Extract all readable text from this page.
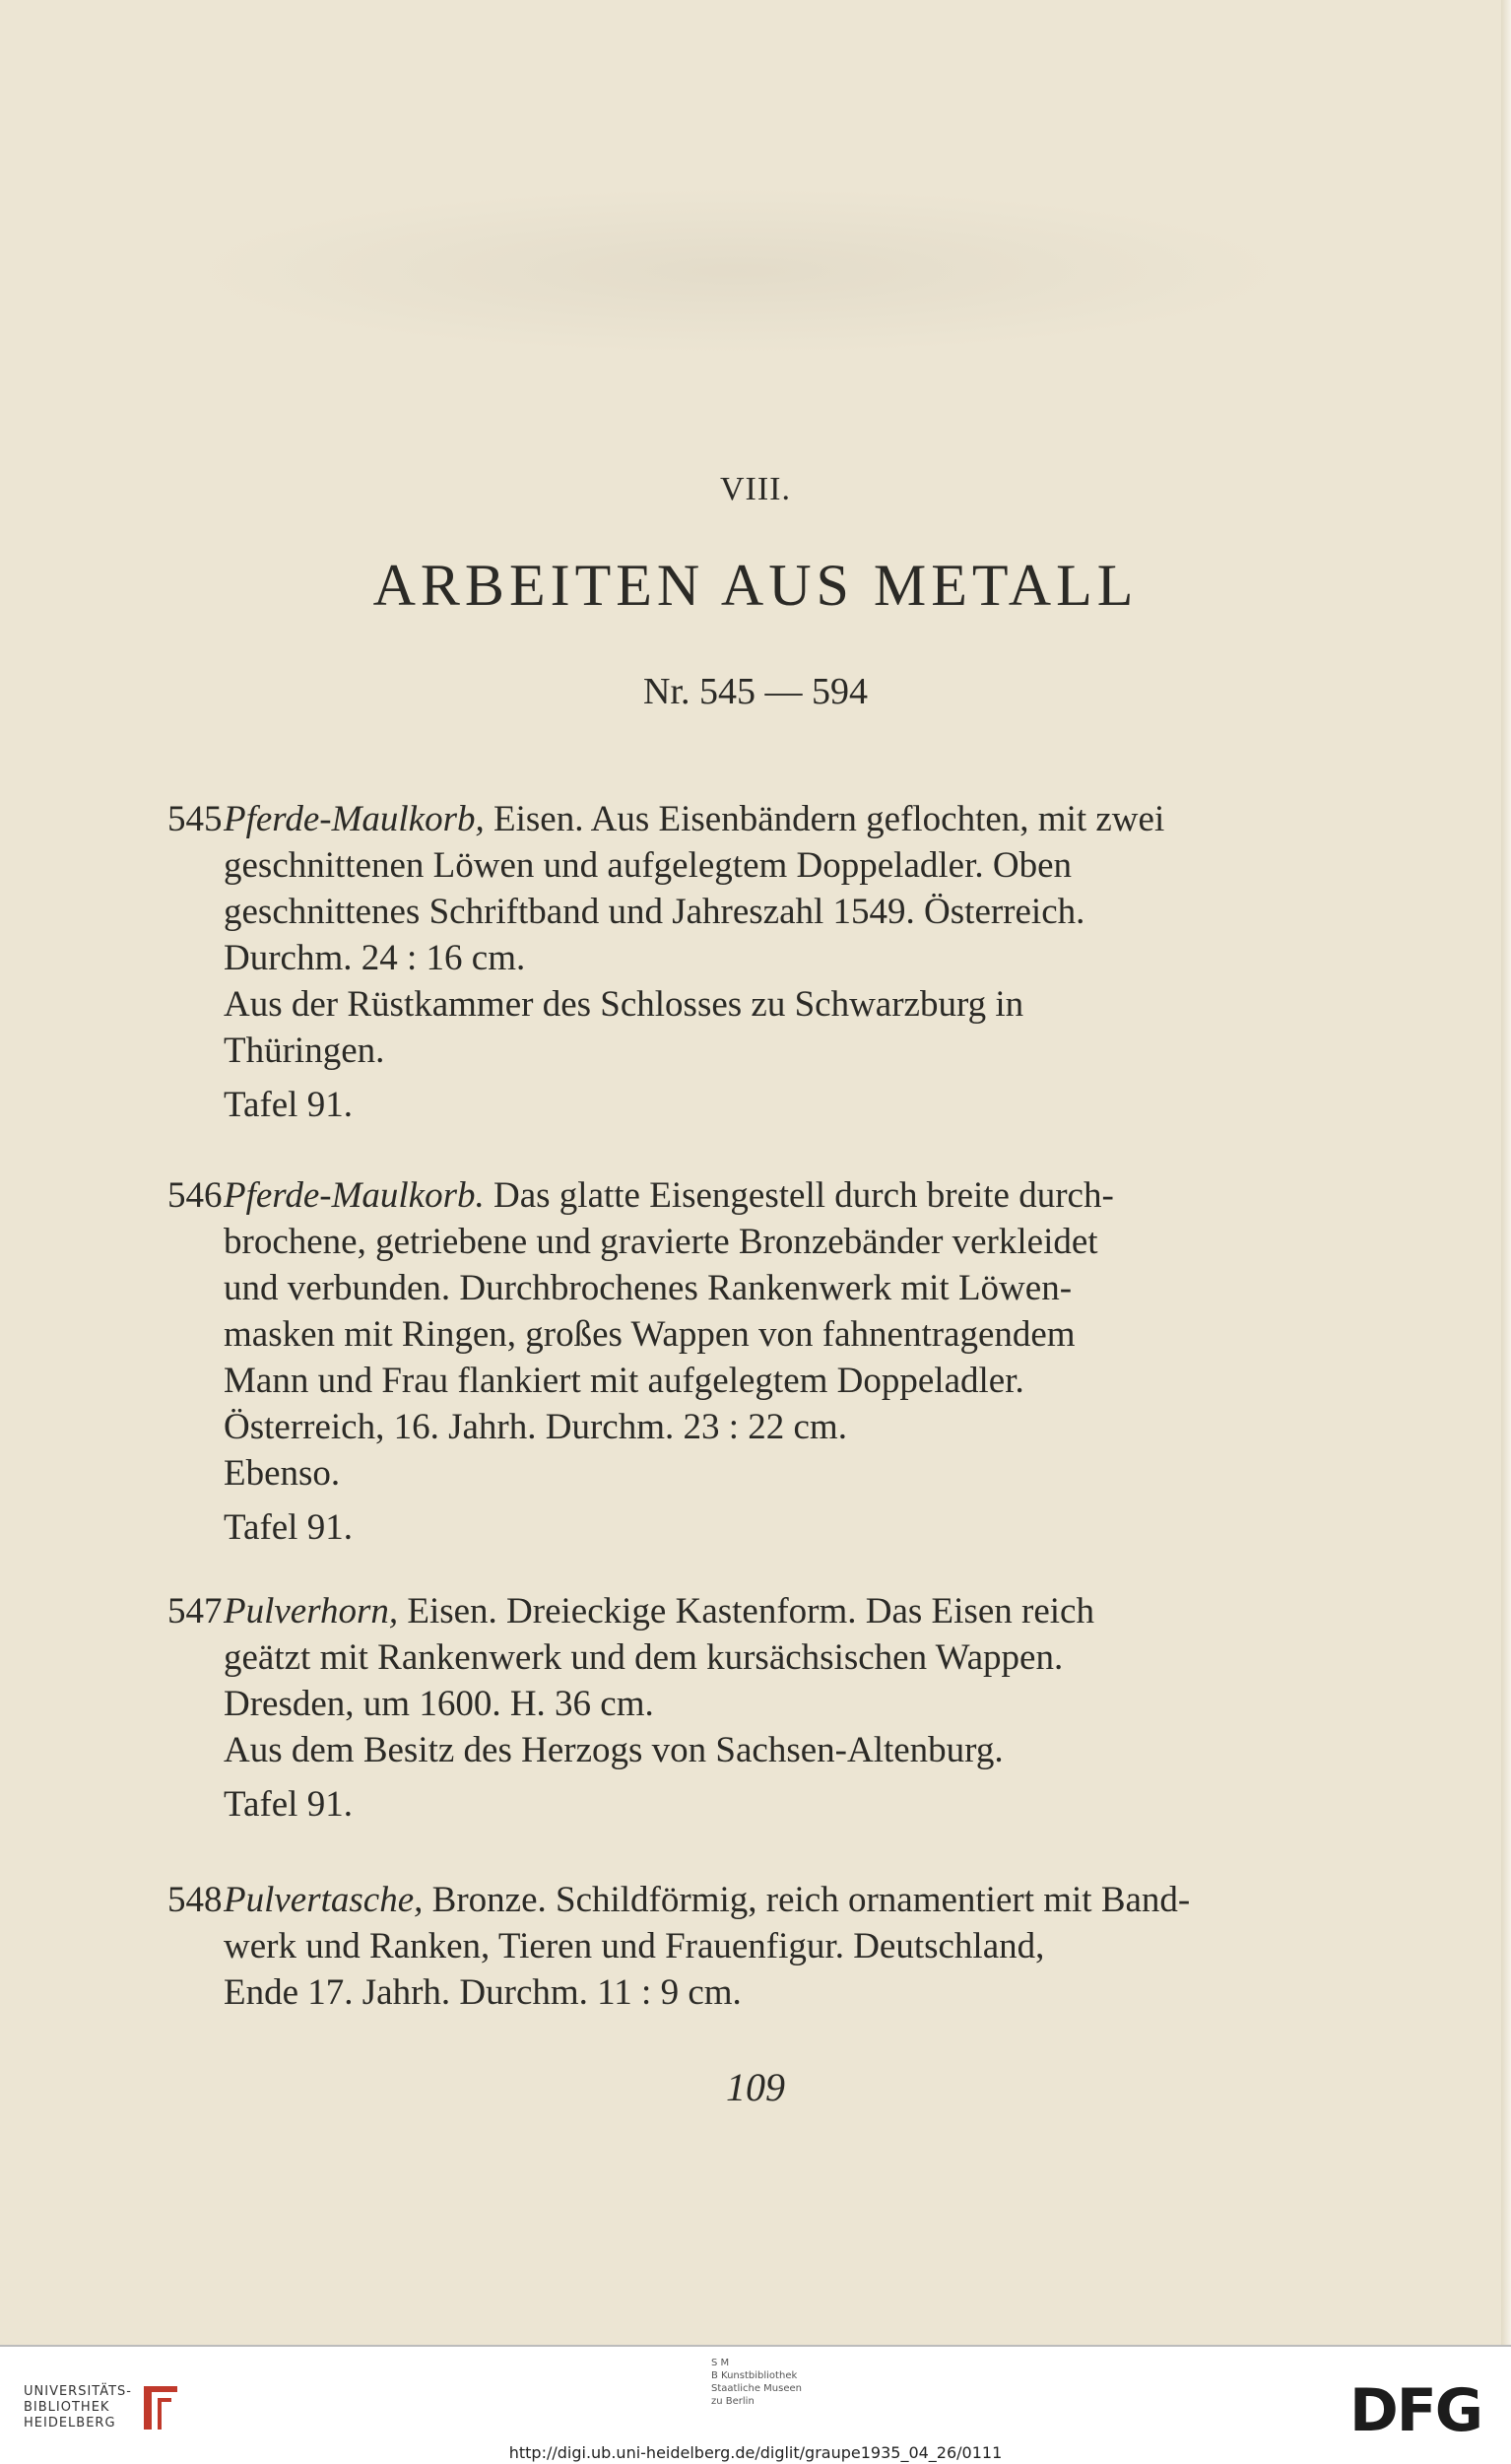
VIII.
ARBEITEN AUS METALL
Nr. 545 — 594
545Pferde-Maulkorb, Eisen. Aus Eisenbändern geflochten, mit zwei
geschnittenen Löwen und aufgelegtem Doppeladler. Oben
geschnittenes Schriftband und Jahreszahl 1549. Österreich.
Durchm. 24 : 16 cm.
Aus der Rüstkammer des Schlosses zu Schwarzburg in
Thüringen.
Tafel 91.
546Pferde-Maulkorb. Das glatte Eisengestell durch breite durch-
brochene, getriebene und gravierte Bronzebänder verkleidet
und verbunden. Durchbrochenes Rankenwerk mit Löwen-
masken mit Ringen, großes Wappen von fahnentragendem
Mann und Frau flankiert mit aufgelegtem Doppeladler.
Österreich, 16. Jahrh. Durchm. 23 : 22 cm.
Ebenso.
Tafel 91.
547Pulverhorn, Eisen. Dreieckige Kastenform. Das Eisen reich
geätzt mit Rankenwerk und dem kursächsischen Wappen.
Dresden, um 1600. H. 36 cm.
Aus dem Besitz des Herzogs von Sachsen-Altenburg.
Tafel 91.
548Pulvertasche, Bronze. Schildförmig, reich ornamentiert mit Band-
werk und Ranken, Tieren und Frauenfigur. Deutschland,
Ende 17. Jahrh. Durchm. 11 : 9 cm.
109
UNIVERSITÄTS-
BIBLIOTHEK
HEIDELBERG
S M
B Kunstbibliothek
Staatliche Museen
zu Berlin	DFG
http://digi.ub.uni-heidelberg.de/diglit/graupe1935_04_26/0111
